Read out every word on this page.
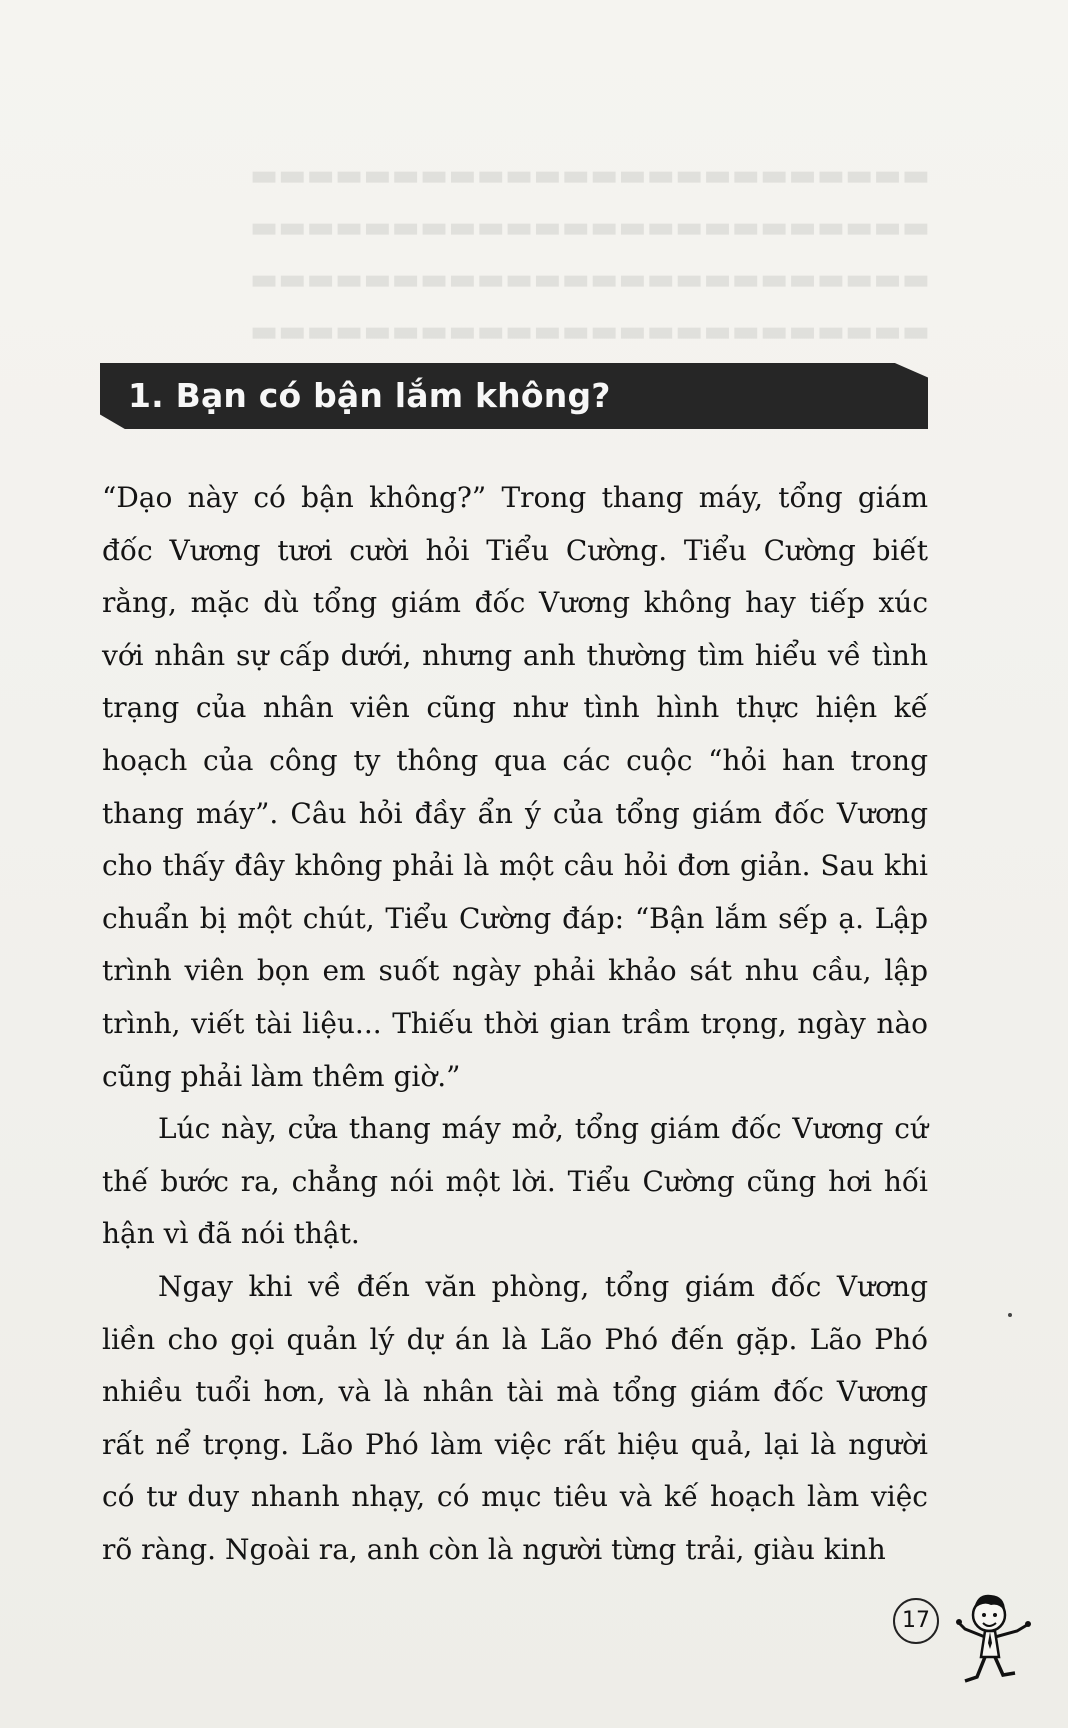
▬▬▬▬▬▬▬▬▬▬▬▬▬▬▬▬▬▬▬▬▬▬▬▬
▬▬▬▬▬▬▬▬▬▬▬▬▬▬▬▬▬▬▬▬▬▬▬▬
▬▬▬▬▬▬▬▬▬▬▬▬▬▬▬▬▬▬▬▬▬▬▬▬
▬▬▬▬▬▬▬▬▬▬▬▬▬▬▬▬▬▬▬▬▬▬▬▬
1. Bạn có bận lắm không?

“Dạo này có bận không?” Trong thang máy, tổng giám đốc Vương tươi cười hỏi Tiểu Cường. Tiểu Cường biết rằng, mặc dù tổng giám đốc Vương không hay tiếp xúc với nhân sự cấp dưới, nhưng anh thường tìm hiểu về tình trạng của nhân viên cũng như tình hình thực hiện kế hoạch của công ty thông qua các cuộc “hỏi han trong thang máy”. Câu hỏi đầy ẩn ý của tổng giám đốc Vương cho thấy đây không phải là một câu hỏi đơn giản. Sau khi chuẩn bị một chút, Tiểu Cường đáp: “Bận lắm sếp ạ. Lập trình viên bọn em suốt ngày phải khảo sát nhu cầu, lập trình, viết tài liệu... Thiếu thời gian trầm trọng, ngày nào cũng phải làm thêm giờ.”

Lúc này, cửa thang máy mở, tổng giám đốc Vương cứ thế bước ra, chẳng nói một lời. Tiểu Cường cũng hơi hối hận vì đã nói thật.

Ngay khi về đến văn phòng, tổng giám đốc Vương liền cho gọi quản lý dự án là Lão Phó đến gặp. Lão Phó nhiều tuổi hơn, và là nhân tài mà tổng giám đốc Vương rất nể trọng. Lão Phó làm việc rất hiệu quả, lại là người có tư duy nhanh nhạy, có mục tiêu và kế hoạch làm việc rõ ràng. Ngoài ra, anh còn là người từng trải, giàu kinh

17
